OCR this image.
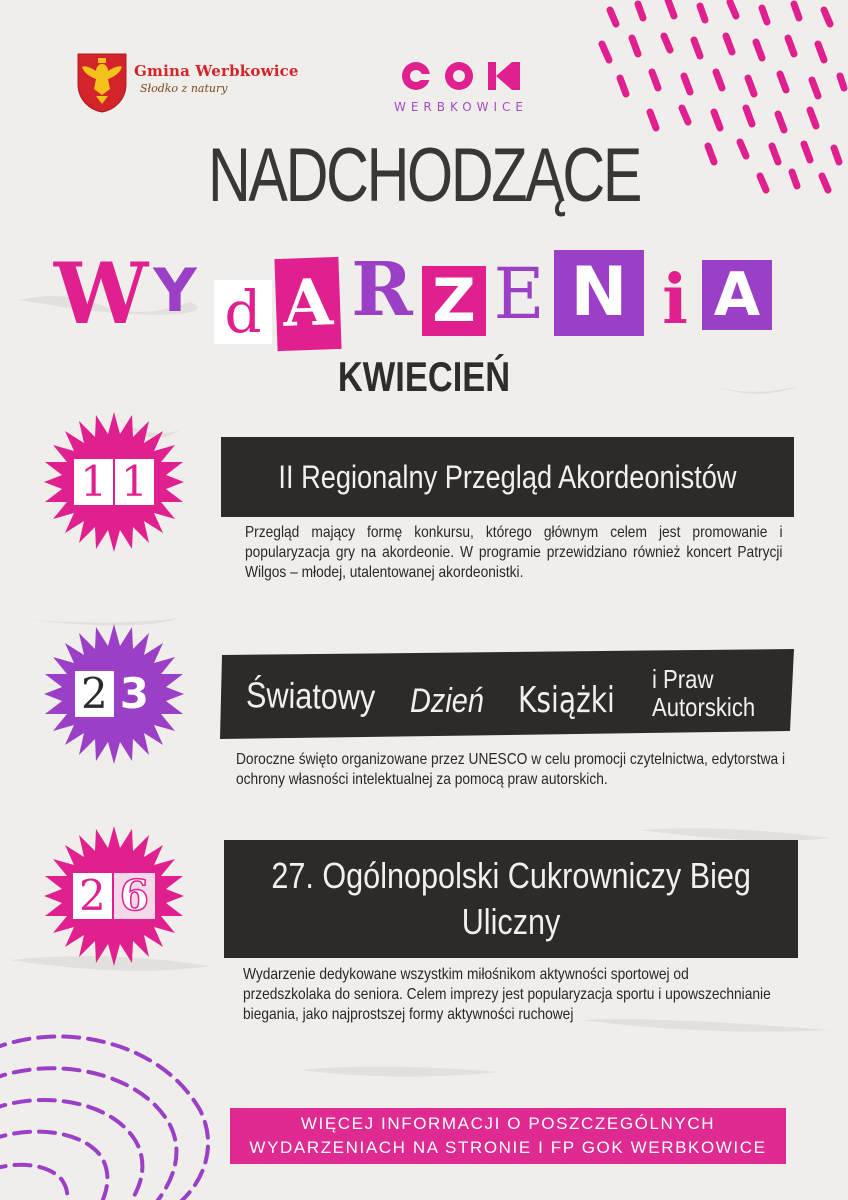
Gmina Werbkowice
Słodko z natury
WERBKOWICE
NADCHODZĄCE
W Y d A R Z E N i A
KWIECIEŃ
1 1	II Regionalny Przegląd Akordeonistów
Przegląd mający formę konkursu, którego głównym celem jest promowanie i popularyzacja gry na akordeonie. W programie przewidziano również koncert Patrycji Wilgos – młodej, utalentowanej akordeonistki.
2 3	Światowy Dzień Książki
i Praw
Autorskich
Doroczne święto organizowane przez UNESCO w celu promocji czytelnictwa, edytorstwa i ochrony własności intelektualnej za pomocą praw autorskich.
2 6	27. Ogólnopolski Cukrowniczy Bieg
Uliczny
Wydarzenie dedykowane wszystkim miłośnikom aktywności sportowej od przedszkolaka do seniora. Celem imprezy jest popularyzacja sportu i upowszechnianie biegania, jako najprostszej formy aktywności ruchowej
WIĘCEJ INFORMACJI O POSZCZEGÓLNYCH
WYDARZENIACH NA STRONIE I FP GOK WERBKOWICE
